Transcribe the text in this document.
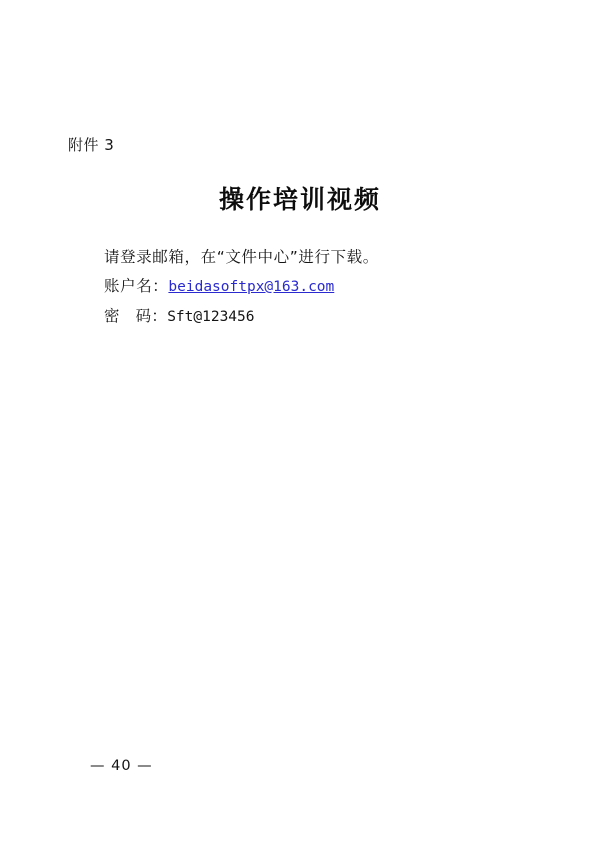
附件 3
操作培训视频
请登录邮箱，在“文件中心”进行下载。
账户名：beidasoftpx@163.com
密　码：Sft@123456
— 40 —
